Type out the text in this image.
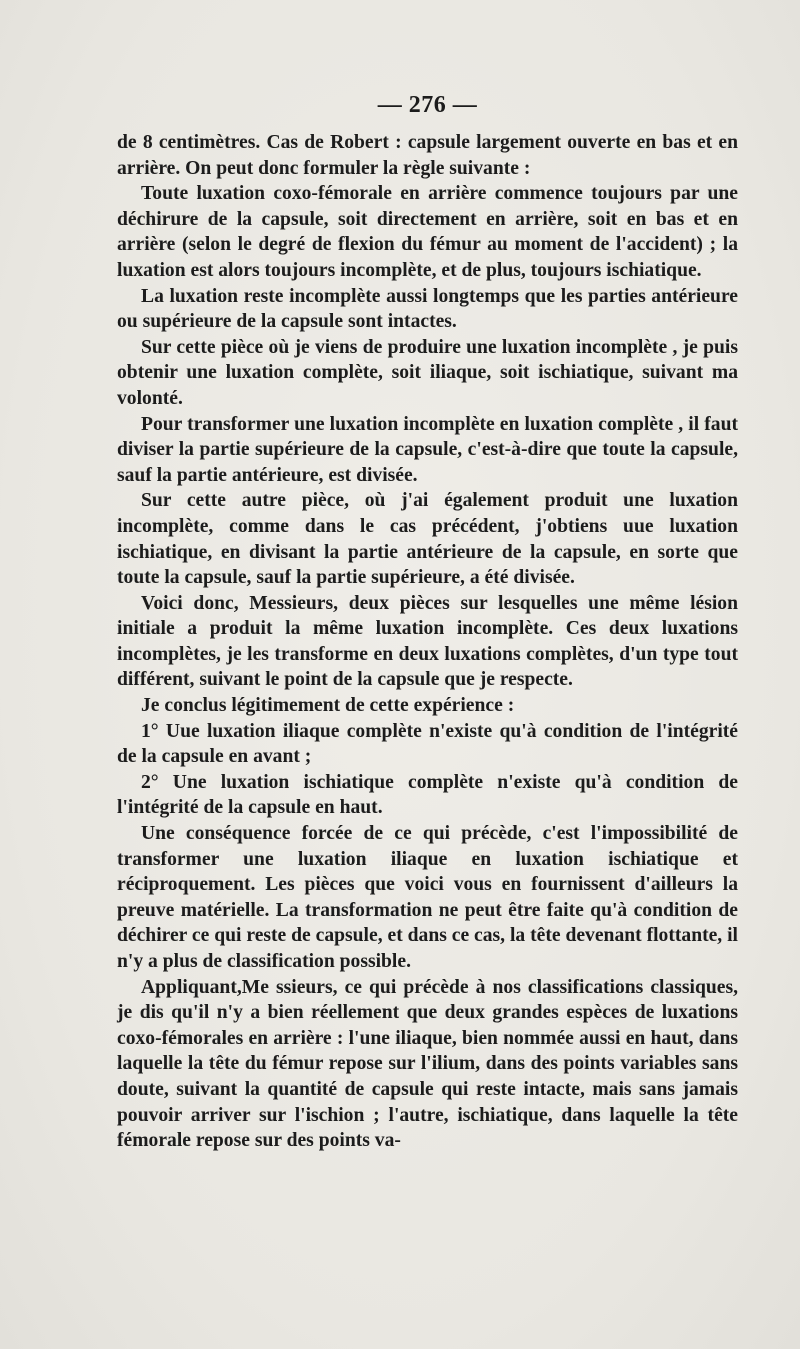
— 276 —

de 8 centimètres. Cas de Robert : capsule largement ouverte en bas et en arrière. On peut donc formuler la règle suivante :

Toute luxation coxo-fémorale en arrière commence toujours par une déchirure de la capsule, soit directement en arrière, soit en bas et en arrière (selon le degré de flexion du fémur au moment de l'accident) ; la luxation est alors toujours incomplète, et de plus, toujours ischiatique.

La luxation reste incomplète aussi longtemps que les parties antérieure ou supérieure de la capsule sont intactes.

Sur cette pièce où je viens de produire une luxation incomplète , je puis obtenir une luxation complète, soit iliaque, soit ischiatique, suivant ma volonté.

Pour transformer une luxation incomplète en luxation complète , il faut diviser la partie supérieure de la capsule, c'est-à-dire que toute la capsule, sauf la partie antérieure, est divisée.

Sur cette autre pièce, où j'ai également produit une luxation incomplète, comme dans le cas précédent, j'obtiens uue luxation ischiatique, en divisant la partie antérieure de la capsule, en sorte que toute la capsule, sauf la partie supérieure, a été divisée.

Voici donc, Messieurs, deux pièces sur lesquelles une même lésion initiale a produit la même luxation incomplète. Ces deux luxations incomplètes, je les transforme en deux luxations complètes, d'un type tout différent, suivant le point de la capsule que je respecte.

Je conclus légitimement de cette expérience :

1° Uue luxation iliaque complète n'existe qu'à condition de l'intégrité de la capsule en avant ;

2° Une luxation ischiatique complète n'existe qu'à condition de l'intégrité de la capsule en haut.

Une conséquence forcée de ce qui précède, c'est l'impossibilité de transformer une luxation iliaque en luxation ischiatique et réciproquement. Les pièces que voici vous en fournissent d'ailleurs la preuve matérielle. La transformation ne peut être faite qu'à condition de déchirer ce qui reste de capsule, et dans ce cas, la tête devenant flottante, il n'y a plus de classification possible.

Appliquant,Me ssieurs, ce qui précède à nos classifications classiques, je dis qu'il n'y a bien réellement que deux grandes espèces de luxations coxo-fémorales en arrière : l'une iliaque, bien nommée aussi en haut, dans laquelle la tête du fémur repose sur l'ilium, dans des points variables sans doute, suivant la quantité de capsule qui reste intacte, mais sans jamais pouvoir arriver sur l'ischion ; l'autre, ischiatique, dans laquelle la tête fémorale repose sur des points va-
